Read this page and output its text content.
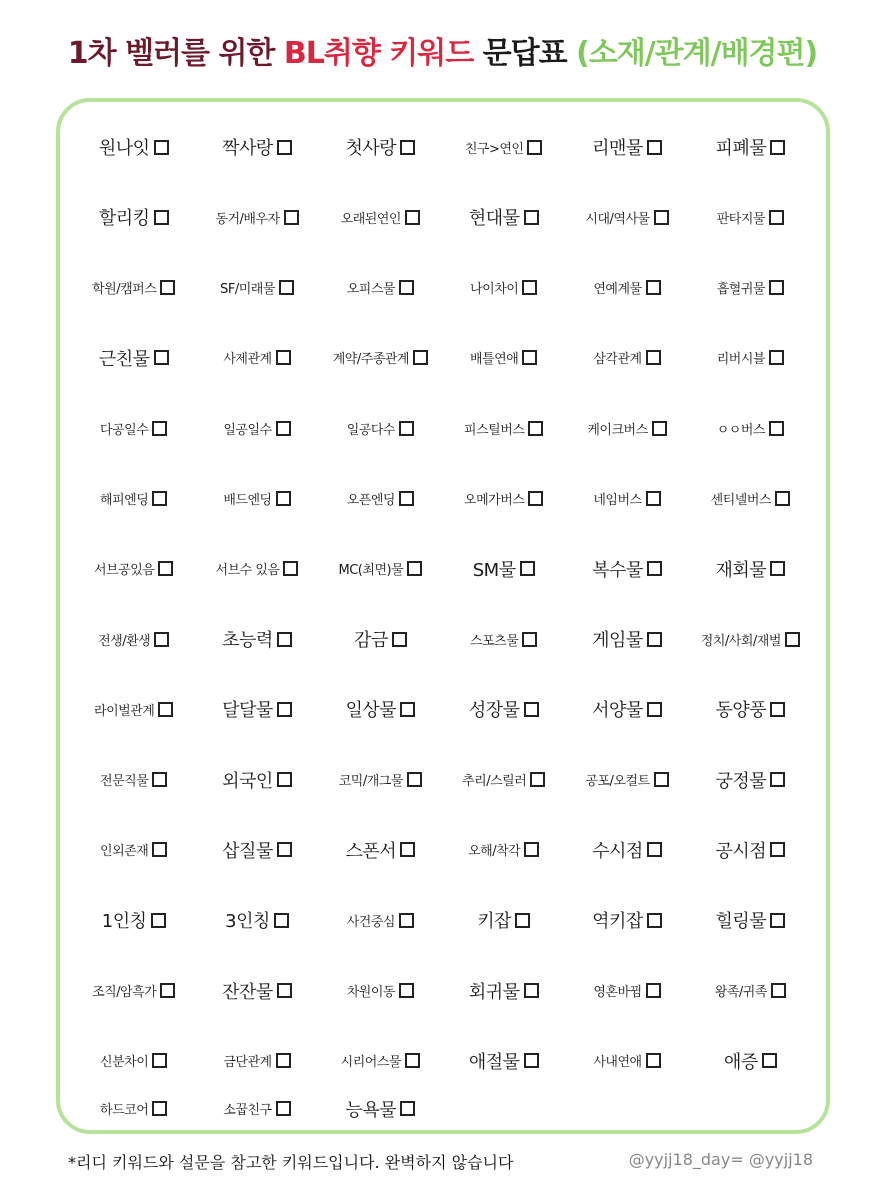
1차 벨러를 위한 BL취향 키워드 문답표 (소재/관계/배경편)
원나잇	짝사랑	첫사랑	친구>연인	리맨물	피폐물
할리킹	동거/배우자	오래된연인	현대물	시대/역사물	판타지물
학원/캠퍼스	SF/미래물	오피스물	나이차이	연예계물	흡혈귀물
근친물	사제관계	계약/주종관계	배틀연애	삼각관계	리버시블
다공일수	일공일수	일공다수	피스틸버스	케이크버스	ㅇㅇ버스
해피엔딩	배드엔딩	오픈엔딩	오메가버스	네임버스	센티넬버스
서브공있음	서브수 있음	MC(최면)물	SM물	복수물	재회물
전생/환생	초능력	감금	스포츠물	게임물	정치/사회/재벌
라이벌관계	달달물	일상물	성장물	서양물	동양풍
전문직물	외국인	코믹/개그물	추리/스릴러	공포/오컬트	궁정물
인외존재	삽질물	스폰서	오해/착각	수시점	공시점
1인칭	3인칭	사건중심	키잡	역키잡	힐링물
조직/암흑가	잔잔물	차원이동	회귀물	영혼바뀜	왕족/귀족
신분차이	금단관계	시리어스물	애절물	사내연애	애증
하드코어	소꿉친구	능욕물
*리디 키워드와 설문을 참고한 키워드입니다. 완벽하지 않습니다	@yyjj18_day= @yyjj18
